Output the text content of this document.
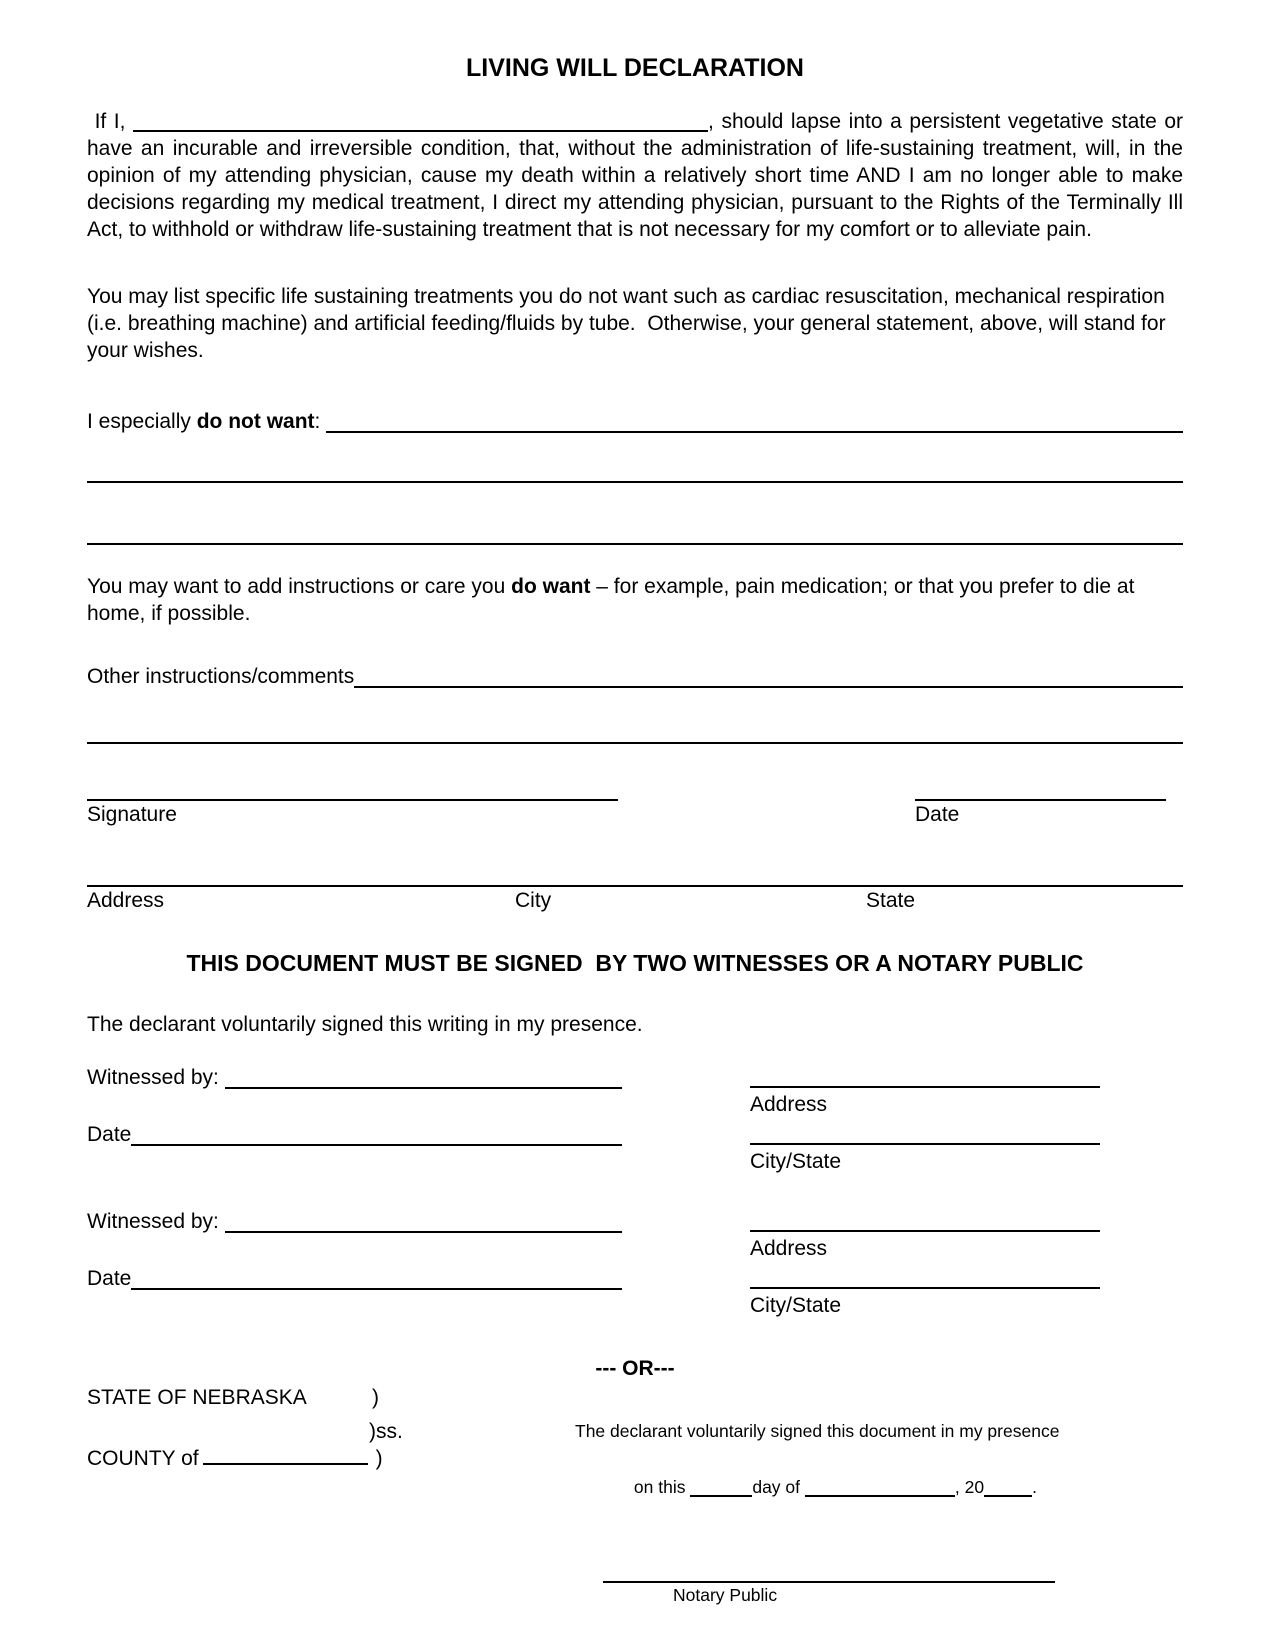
LIVING WILL DECLARATION
If I,	, should lapse into a persistent vegetative state or have an incurable and irreversible condition, that, without the administration of life-sustaining treatment, will, in the opinion of my attending physician, cause my death within a relatively short time AND I am no longer able to make decisions regarding my medical treatment, I direct my attending physician, pursuant to the Rights of the Terminally Ill Act, to withhold or withdraw life-sustaining treatment that is not necessary for my comfort or to alleviate pain.
You may list specific life sustaining treatments you do not want such as cardiac resuscitation, mechanical respiration (i.e. breathing machine) and artificial feeding/fluids by tube.  Otherwise, your general statement, above, will stand for your wishes.
I especially do not want :
You may want to add instructions or care you do want – for example, pain medication; or that you prefer to die at home, if possible.
Other instructions/comments
Signature	Date
Address	City	State
THIS DOCUMENT MUST BE SIGNED  BY TWO WITNESSES OR A NOTARY PUBLIC
The declarant voluntarily signed this writing in my presence.
Witnessed by:
Address
Date
City/State
Witnessed by:
Address
Date
City/State
--- OR---
STATE OF NEBRASKA	)
)ss.
COUNTY of	)
The declarant voluntarily signed this document in my presence

on this	day of	, 20	.

Notary Public
